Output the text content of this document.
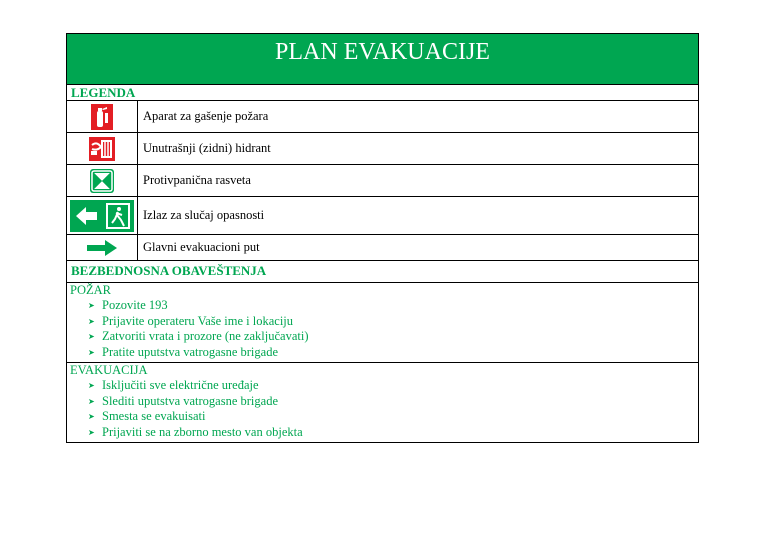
PLAN EVAKUACIJE
LEGENDA
Aparat za gašenje požara
Unutrašnji (zidni) hidrant
Protivpanična rasveta
Izlaz za slučaj opasnosti
Glavni evakuacioni put
BEZBEDNOSNA OBAVEŠTENJA
POŽAR
➤ Pozovite 193
➤ Prijavite operateru Vaše ime i lokaciju
➤ Zatvoriti vrata i prozore (ne zaključavati)
➤ Pratite uputstva vatrogasne brigade
EVAKUACIJA
➤ Isključiti sve električne uređaje
➤ Slediti uputstva vatrogasne brigade
➤ Smesta se evakuisati
➤ Prijaviti se na zborno mesto van objekta
